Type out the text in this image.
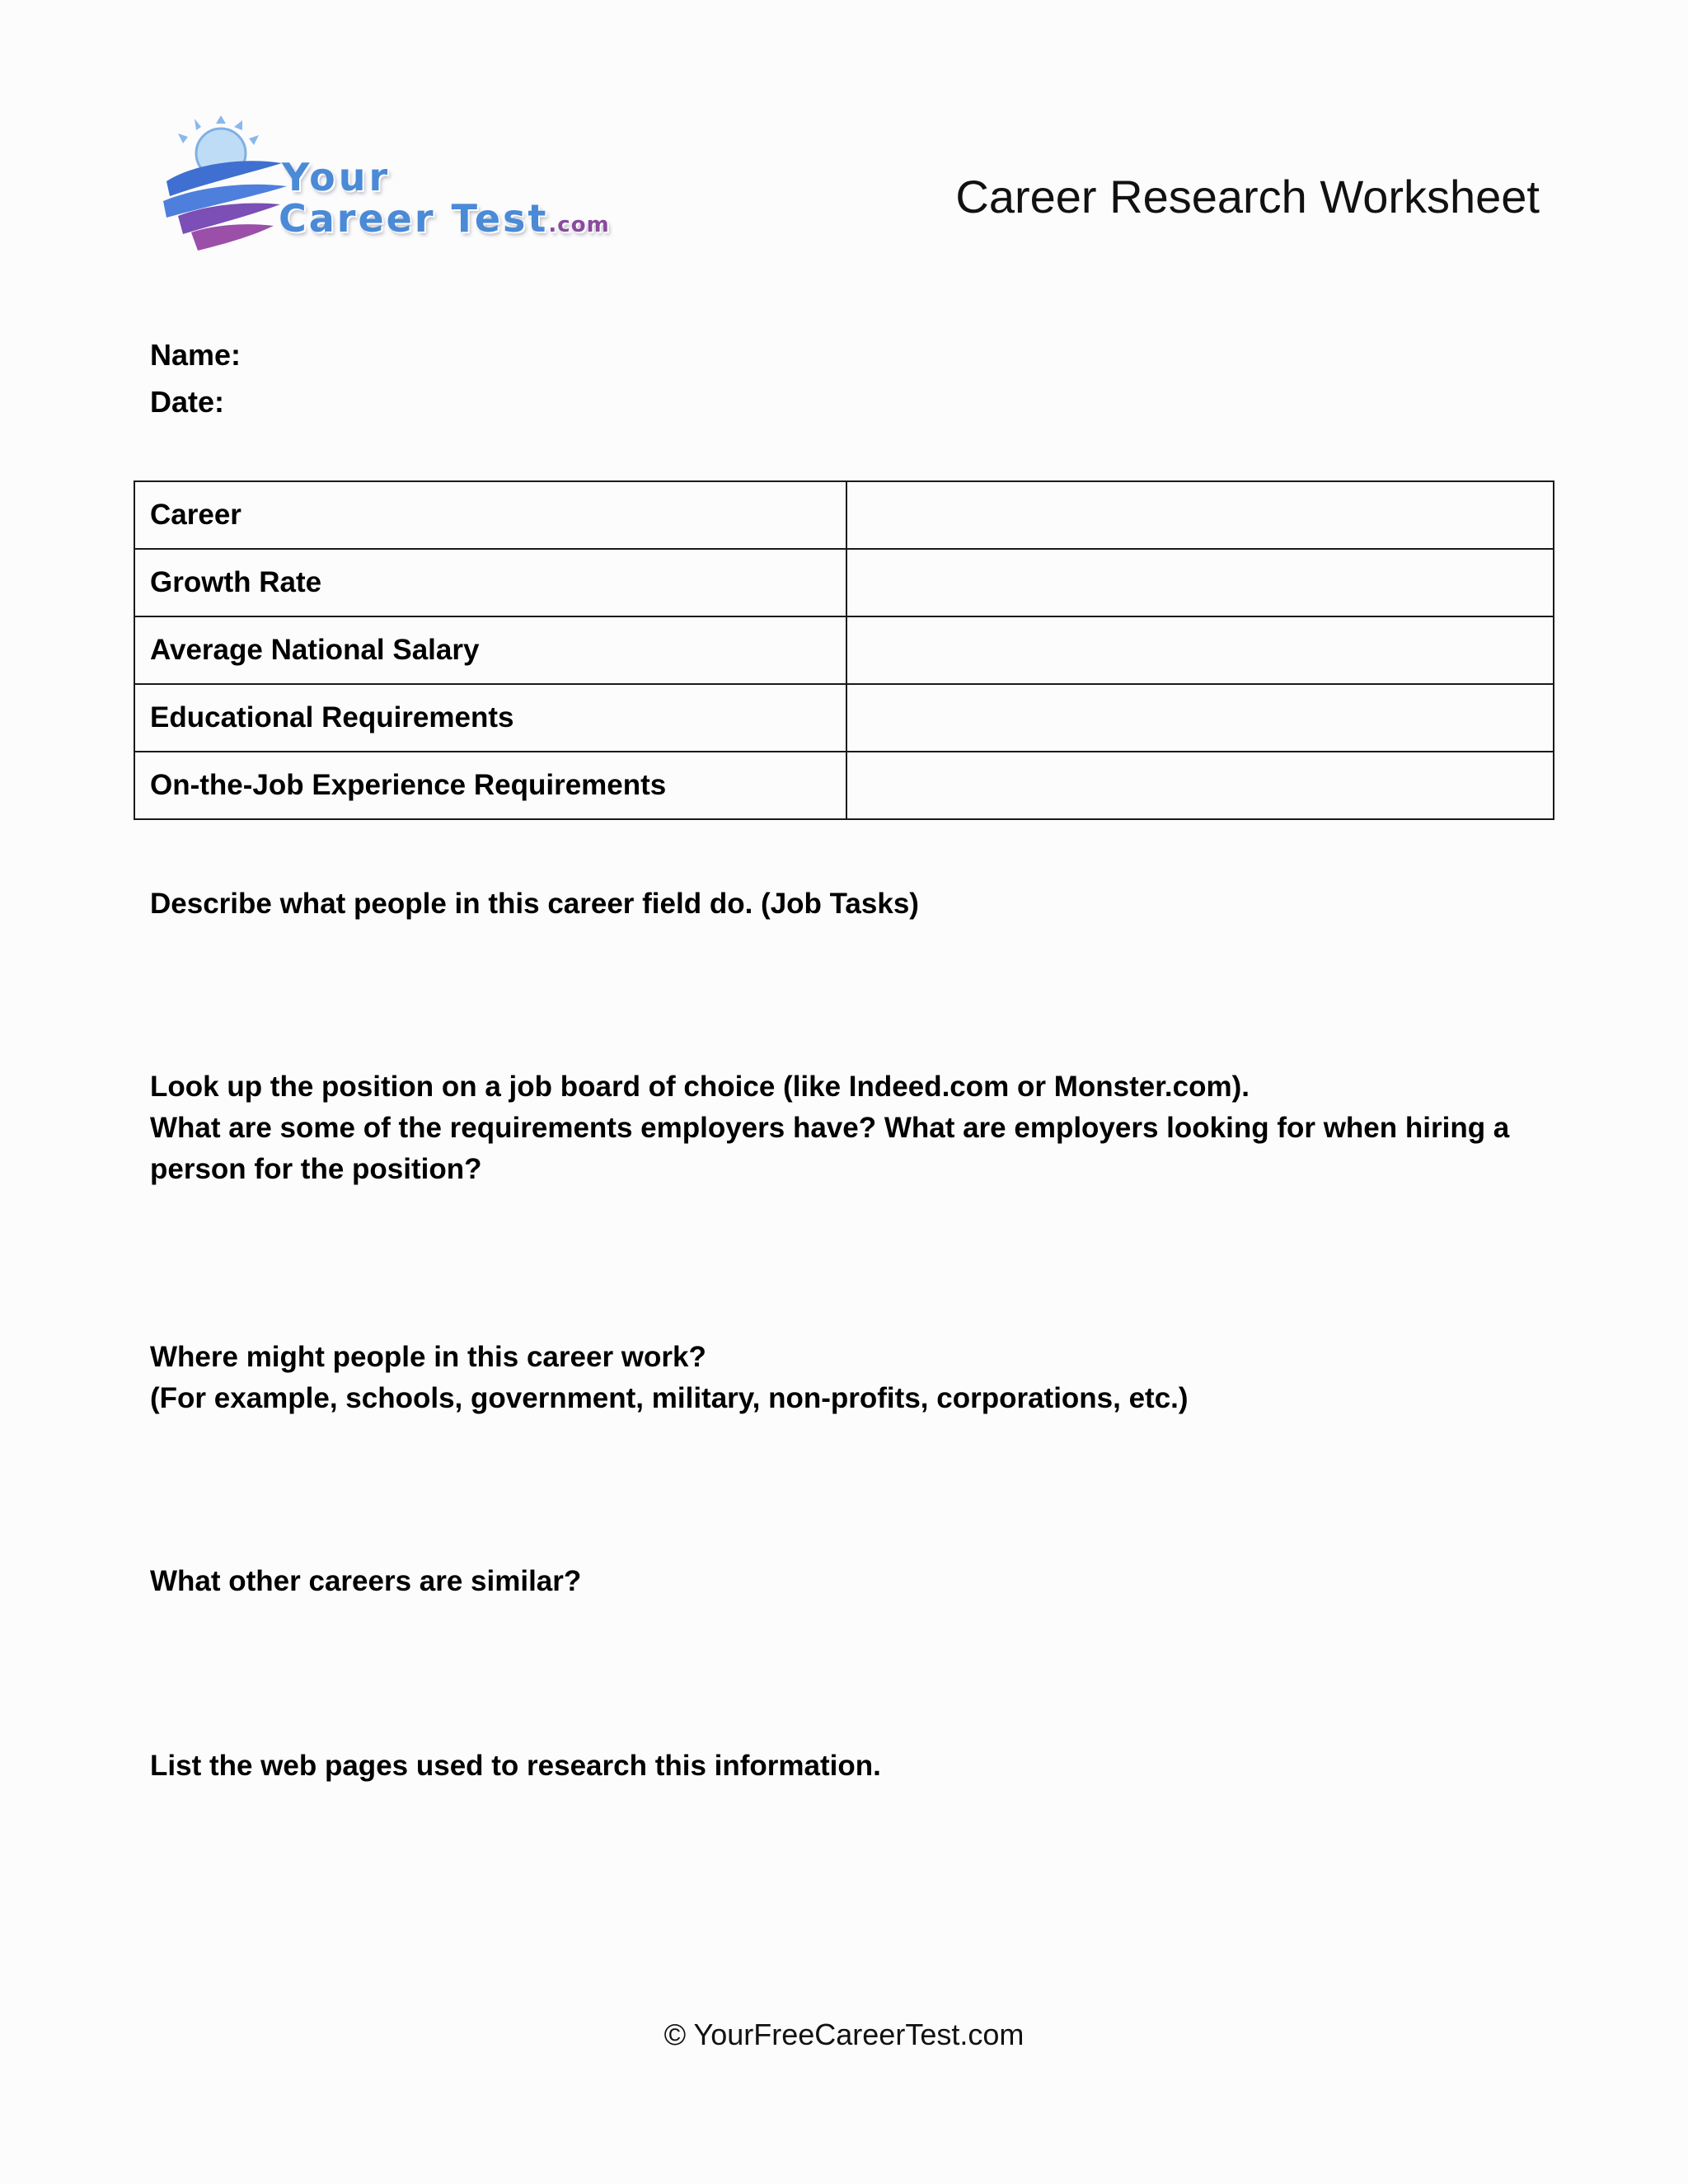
Your
Career Test.com
Career Research Worksheet
Name:
Date:
Career	
Growth Rate	
Average National Salary	
Educational Requirements	
On-the-Job Experience Requirements	
Describe what people in this career field do. (Job Tasks)
Look up the position on a job board of choice (like Indeed.com or Monster.com).
What are some of the requirements employers have? What are employers looking for when hiring a
person for the position?
Where might people in this career work?
(For example, schools, government, military, non-profits, corporations, etc.)
What other careers are similar?
List the web pages used to research this information.
© YourFreeCareerTest.com
